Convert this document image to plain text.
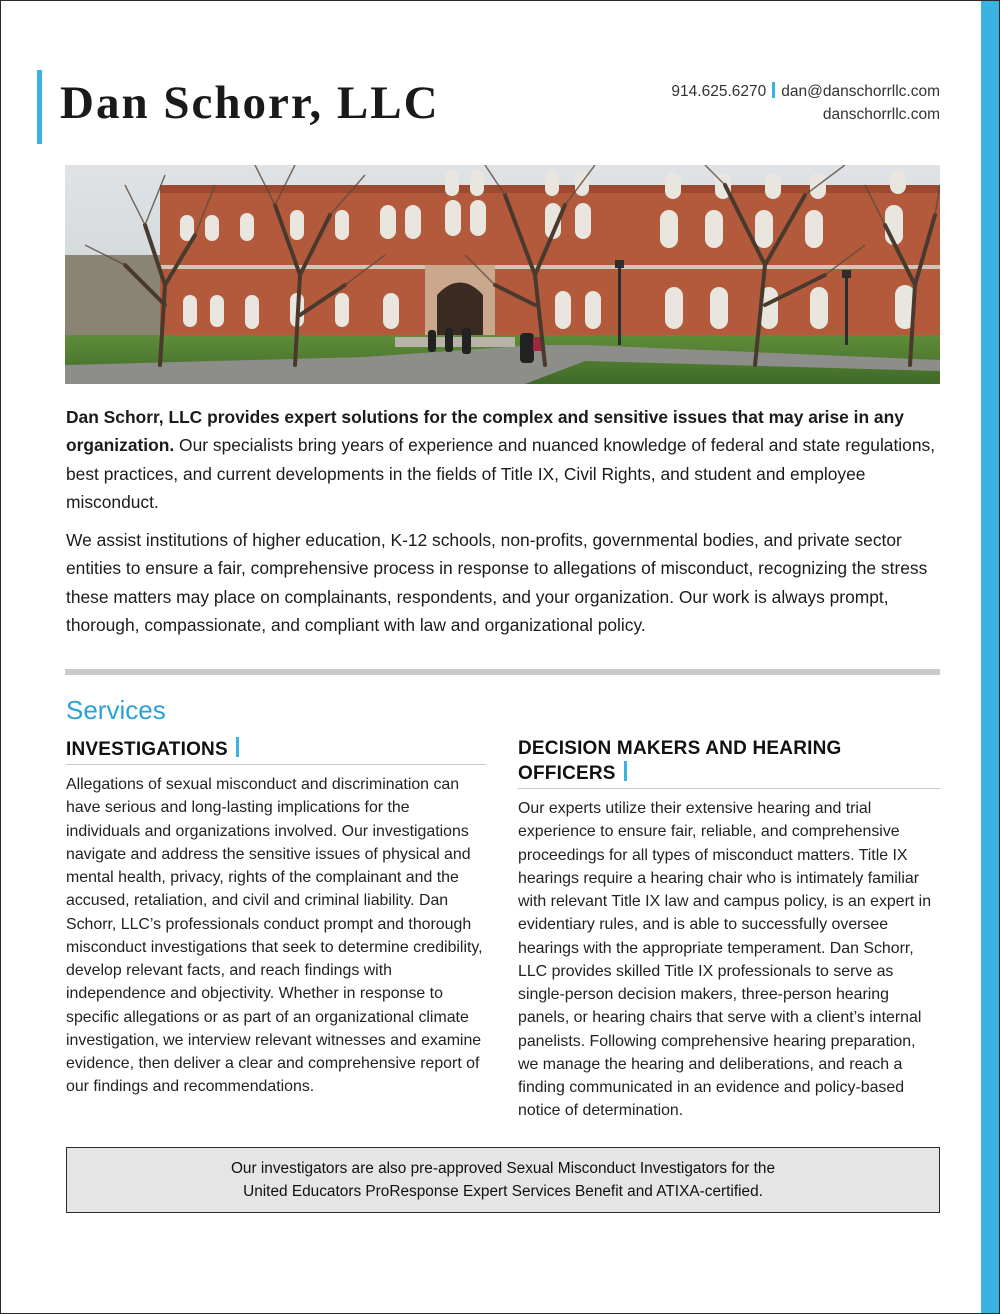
Dan Schorr, LLC	914.625.6270 dan@danschorrllc.com
danschorrllc.com

Dan Schorr, LLC provides expert solutions for the complex and sensitive issues that may arise in any organization. Our specialists bring years of experience and nuanced knowledge of federal and state regulations, best practices, and current developments in the fields of Title IX, Civil Rights, and student and employee misconduct.

We assist institutions of higher education, K-12 schools, non-profits, governmental bodies, and private sector entities to ensure a fair, comprehensive process in response to allegations of misconduct, recognizing the stress these matters may place on complainants, respondents, and your organization. Our work is always prompt, thorough, compassionate, and compliant with law and organizational policy.

Services
INVESTIGATIONS

Allegations of sexual misconduct and discrimination can have serious and long-lasting implications for the individuals and organizations involved. Our investigations navigate and address the sensitive issues of physical and mental health, privacy, rights of the complainant and the accused, retaliation, and civil and criminal liability. Dan Schorr, LLC’s professionals conduct prompt and thorough misconduct investigations that seek to determine credibility, develop relevant facts, and reach findings with independence and objectivity. Whether in response to specific allegations or as part of an organizational climate investigation, we interview relevant witnesses and examine evidence, then deliver a clear and comprehensive report of our findings and recommendations.

DECISION MAKERS AND HEARING OFFICERS

Our experts utilize their extensive hearing and trial experience to ensure fair, reliable, and comprehensive proceedings for all types of misconduct matters. Title IX hearings require a hearing chair who is intimately familiar with relevant Title IX law and campus policy, is an expert in evidentiary rules, and is able to successfully oversee hearings with the appropriate temperament. Dan Schorr, LLC provides skilled Title IX professionals to serve as single-person decision makers, three-person hearing panels, or hearing chairs that serve with a client’s internal panelists. Following comprehensive hearing preparation, we manage the hearing and deliberations, and reach a finding communicated in an evidence and policy-based notice of determination.

Our investigators are also pre-approved Sexual Misconduct Investigators for the
United Educators ProResponse Expert Services Benefit and ATIXA-certified.
